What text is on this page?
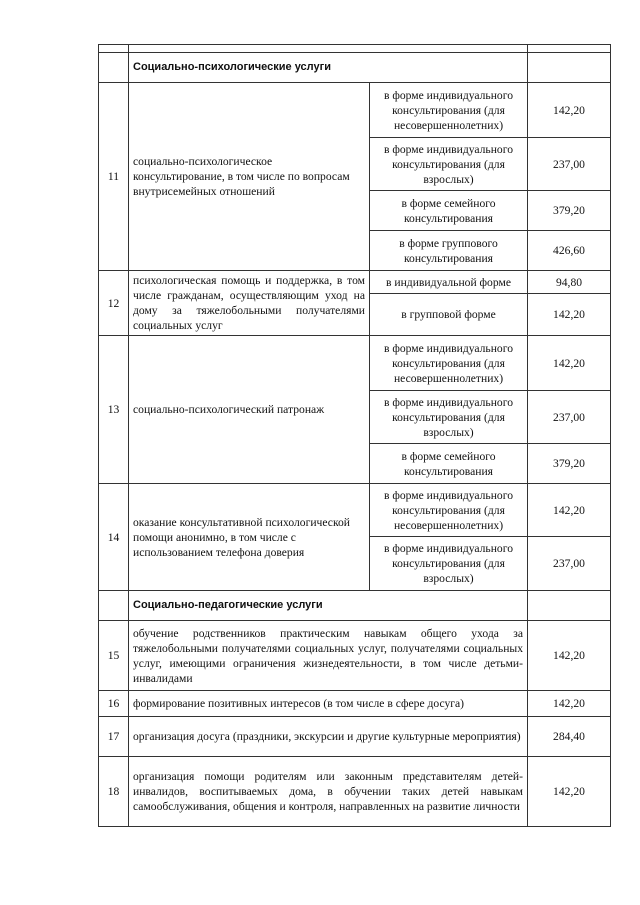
	Социально-психологические услуги		
11	социально-психологическое консультирование, в том числе по вопросам внутрисемейных отношений	в форме индивидуального консультирования (для несовершеннолетних)	142,20
		в форме индивидуального консультирования (для взрослых)	237,00
		в форме семейного консультирования	379,20
		в форме группового консультирования	426,60
12	психологическая помощь и поддержка, в том числе гражданам, осуществляющим уход на дому за тяжелобольными получателями социальных услуг	в индивидуальной форме	94,80
		в групповой форме	142,20
13	социально-психологический патронаж	в форме индивидуального консультирования (для несовершеннолетних)	142,20
		в форме индивидуального консультирования (для взрослых)	237,00
		в форме семейного консультирования	379,20
14	оказание консультативной психологической помощи анонимно, в том числе с использованием телефона доверия	в форме индивидуального консультирования (для несовершеннолетних)	142,20
		в форме индивидуального консультирования (для взрослых)	237,00
	Социально-педагогические услуги		
15	обучение родственников практическим навыкам общего ухода за тяжелобольными получателями социальных услуг, получателями социальных услуг, имеющими ограничения жизнедеятельности, в том числе детьми-инвалидами		142,20
16	формирование позитивных интересов (в том числе в сфере досуга)		142,20
17	организация досуга (праздники, экскурсии и другие культурные мероприятия)		284,40
18	организация помощи родителям или законным представителям детей-инвалидов, воспитываемых дома, в обучении таких детей навыкам самообслуживания, общения и контроля, направленных на развитие личности		142,20
